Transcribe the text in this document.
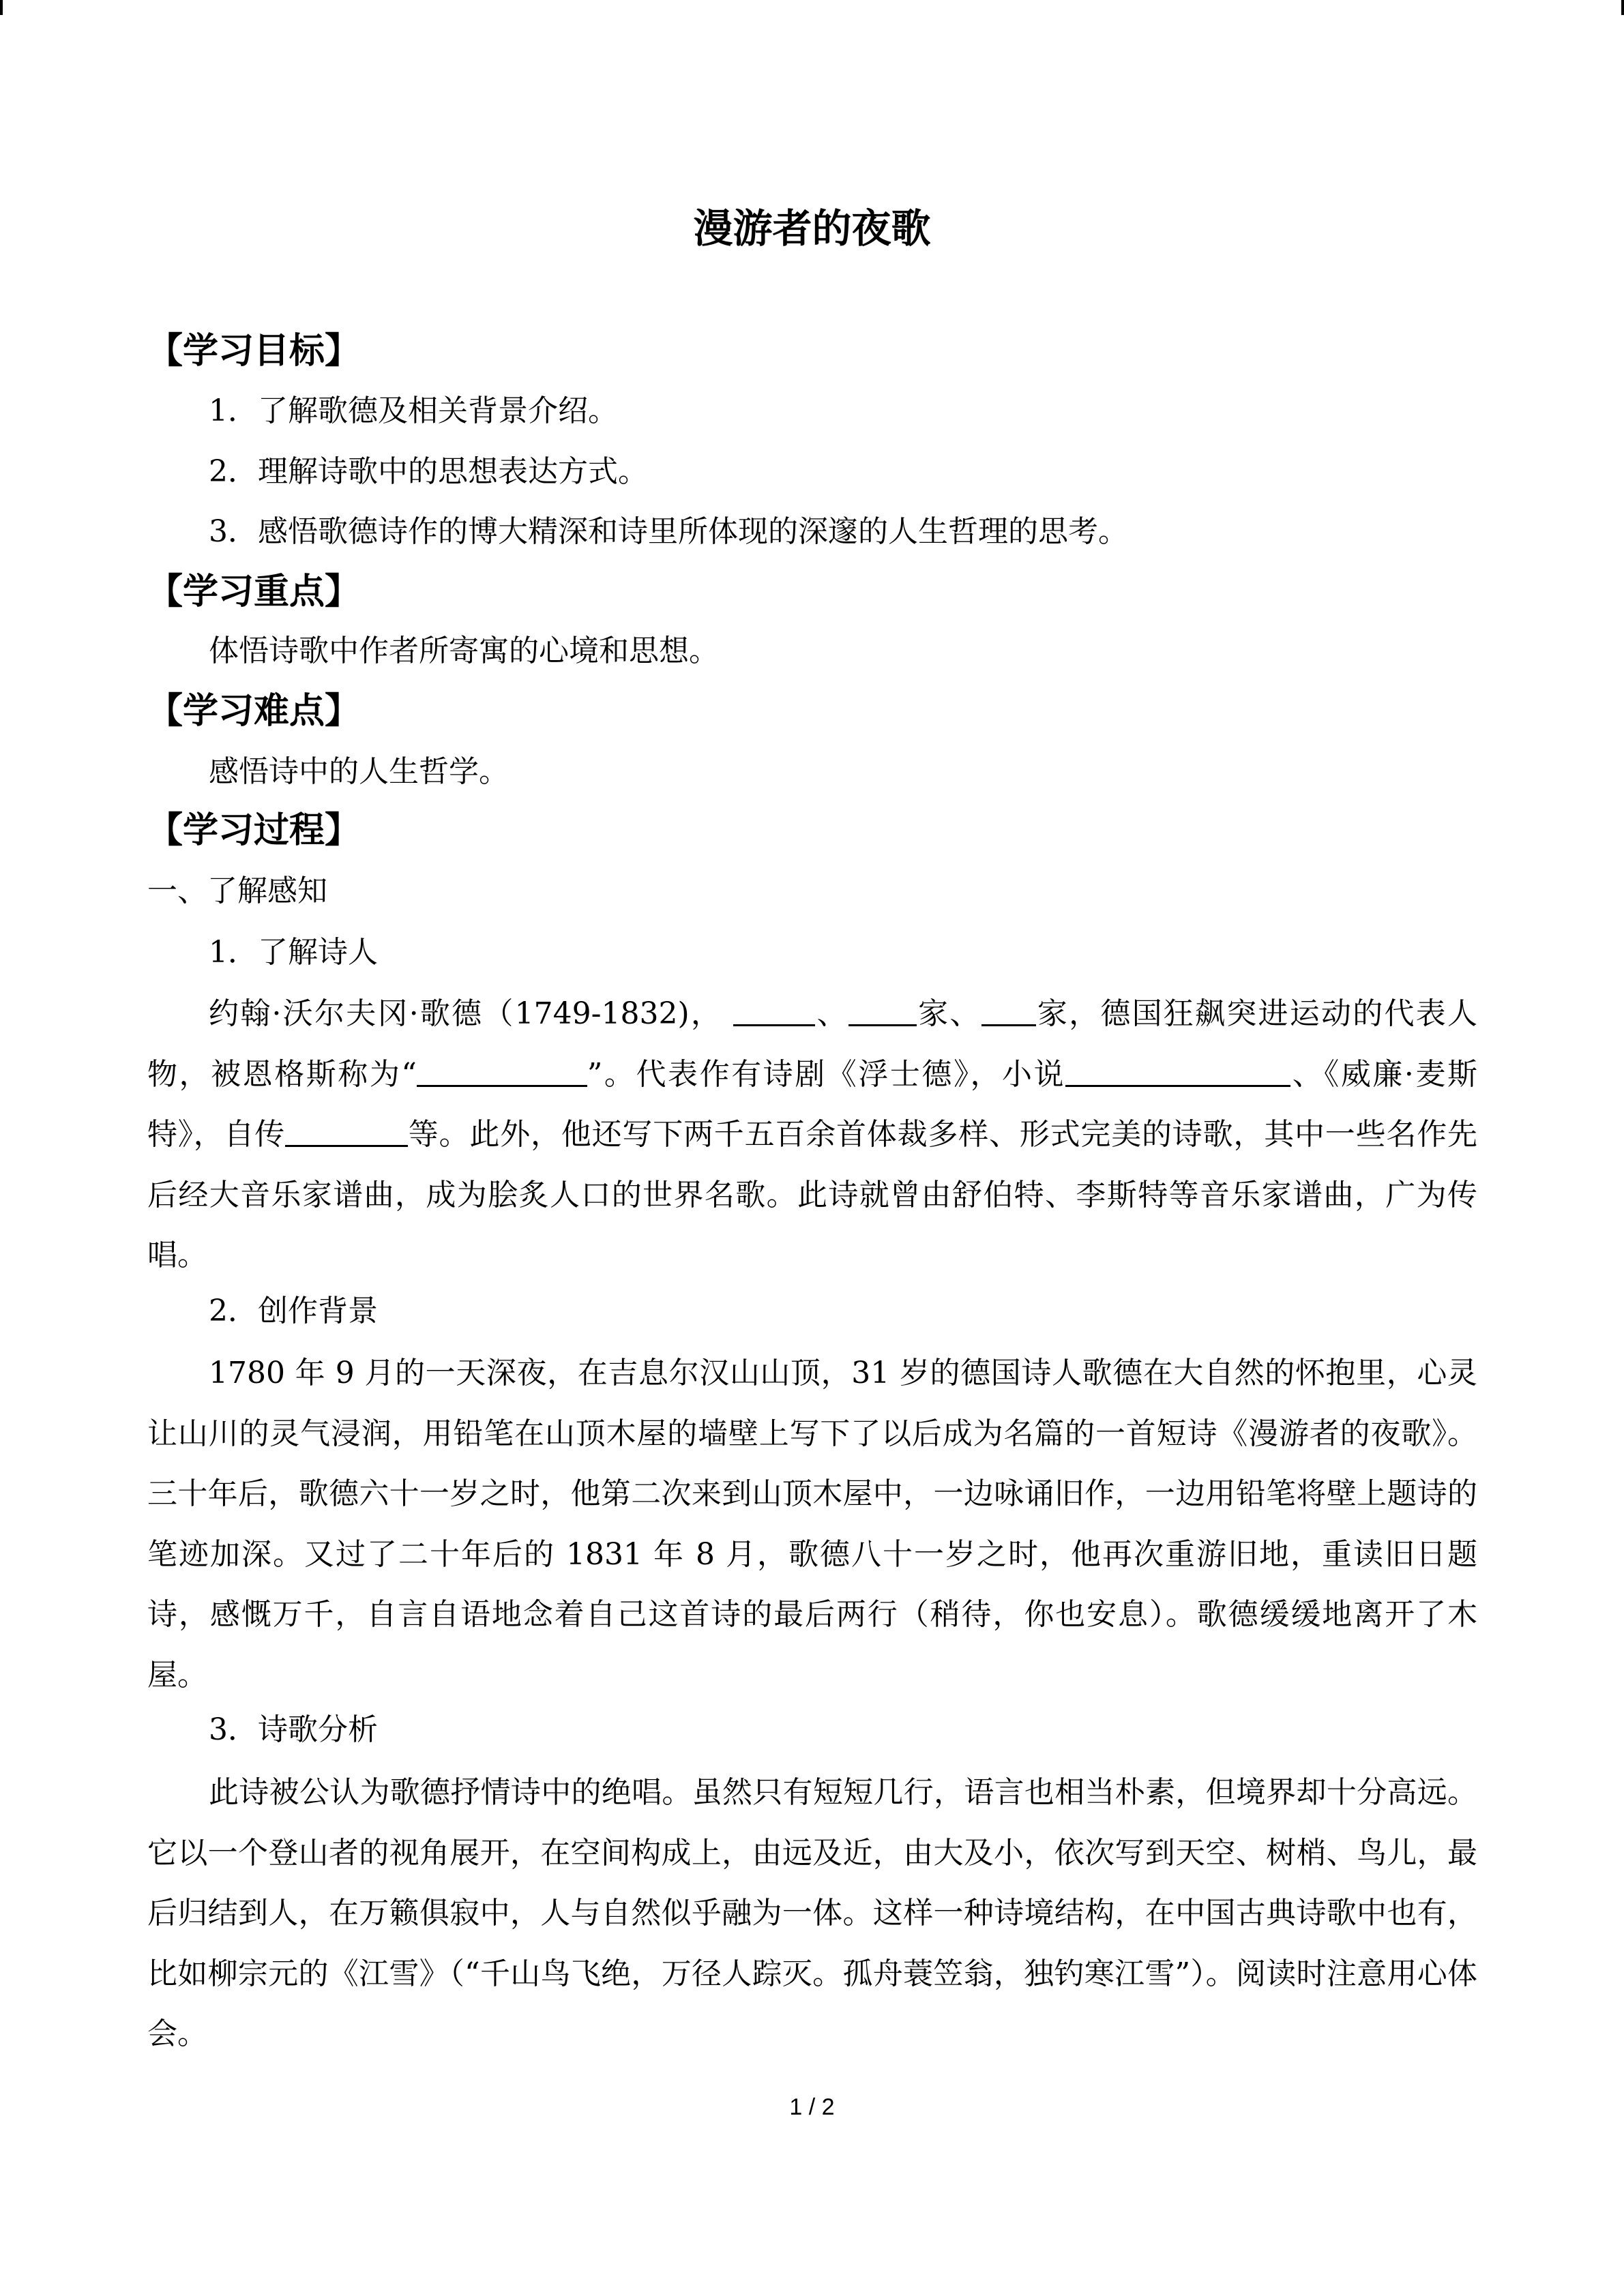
漫游者的夜歌
【学习目标】
1．了解歌德及相关背景介绍。
2．理解诗歌中的思想表达方式。
3．感悟歌德诗作的博大精深和诗里所体现的深邃的人生哲理的思考。
【学习重点】
体悟诗歌中作者所寄寓的心境和思想。
【学习难点】
感悟诗中的人生哲学。
【学习过程】
一、了解感知
1．了解诗人
约翰·沃尔夫冈·歌德（1749-1832)，	、 家、 家，德国狂飙突进运动的代表人物，被恩格斯称为“	”。代表作有诗剧《浮士德》，小说	、《威廉·麦斯特》，自传	等。此外，他还写下两千五百余首体裁多样、形式完美的诗歌，其中一些名作先后经大音乐家谱曲，成为脍炙人口的世界名歌。此诗就曾由舒伯特、李斯特等音乐家谱曲，广为传唱。
2．创作背景
1780 年 9 月的一天深夜，在吉息尔汉山山顶，31 岁的德国诗人歌德在大自然的怀抱里，心灵让山川的灵气浸润，用铅笔在山顶木屋的墙壁上写下了以后成为名篇的一首短诗《漫游者的夜歌》。三十年后，歌德六十一岁之时，他第二次来到山顶木屋中，一边咏诵旧作，一边用铅笔将壁上题诗的笔迹加深。又过了二十年后的 1831 年 8 月，歌德八十一岁之时，他再次重游旧地，重读旧日题诗，感慨万千，自言自语地念着自己这首诗的最后两行（稍待，你也安息）。歌德缓缓地离开了木屋。
3．诗歌分析
此诗被公认为歌德抒情诗中的绝唱。虽然只有短短几行，语言也相当朴素，但境界却十分高远。它以一个登山者的视角展开，在空间构成上，由远及近，由大及小，依次写到天空、树梢、鸟儿，最后归结到人，在万籁俱寂中，人与自然似乎融为一体。这样一种诗境结构，在中国古典诗歌中也有，比如柳宗元的《江雪》（“千山鸟飞绝，万径人踪灭。孤舟蓑笠翁，独钓寒江雪”）。阅读时注意用心体会。
1 / 2
